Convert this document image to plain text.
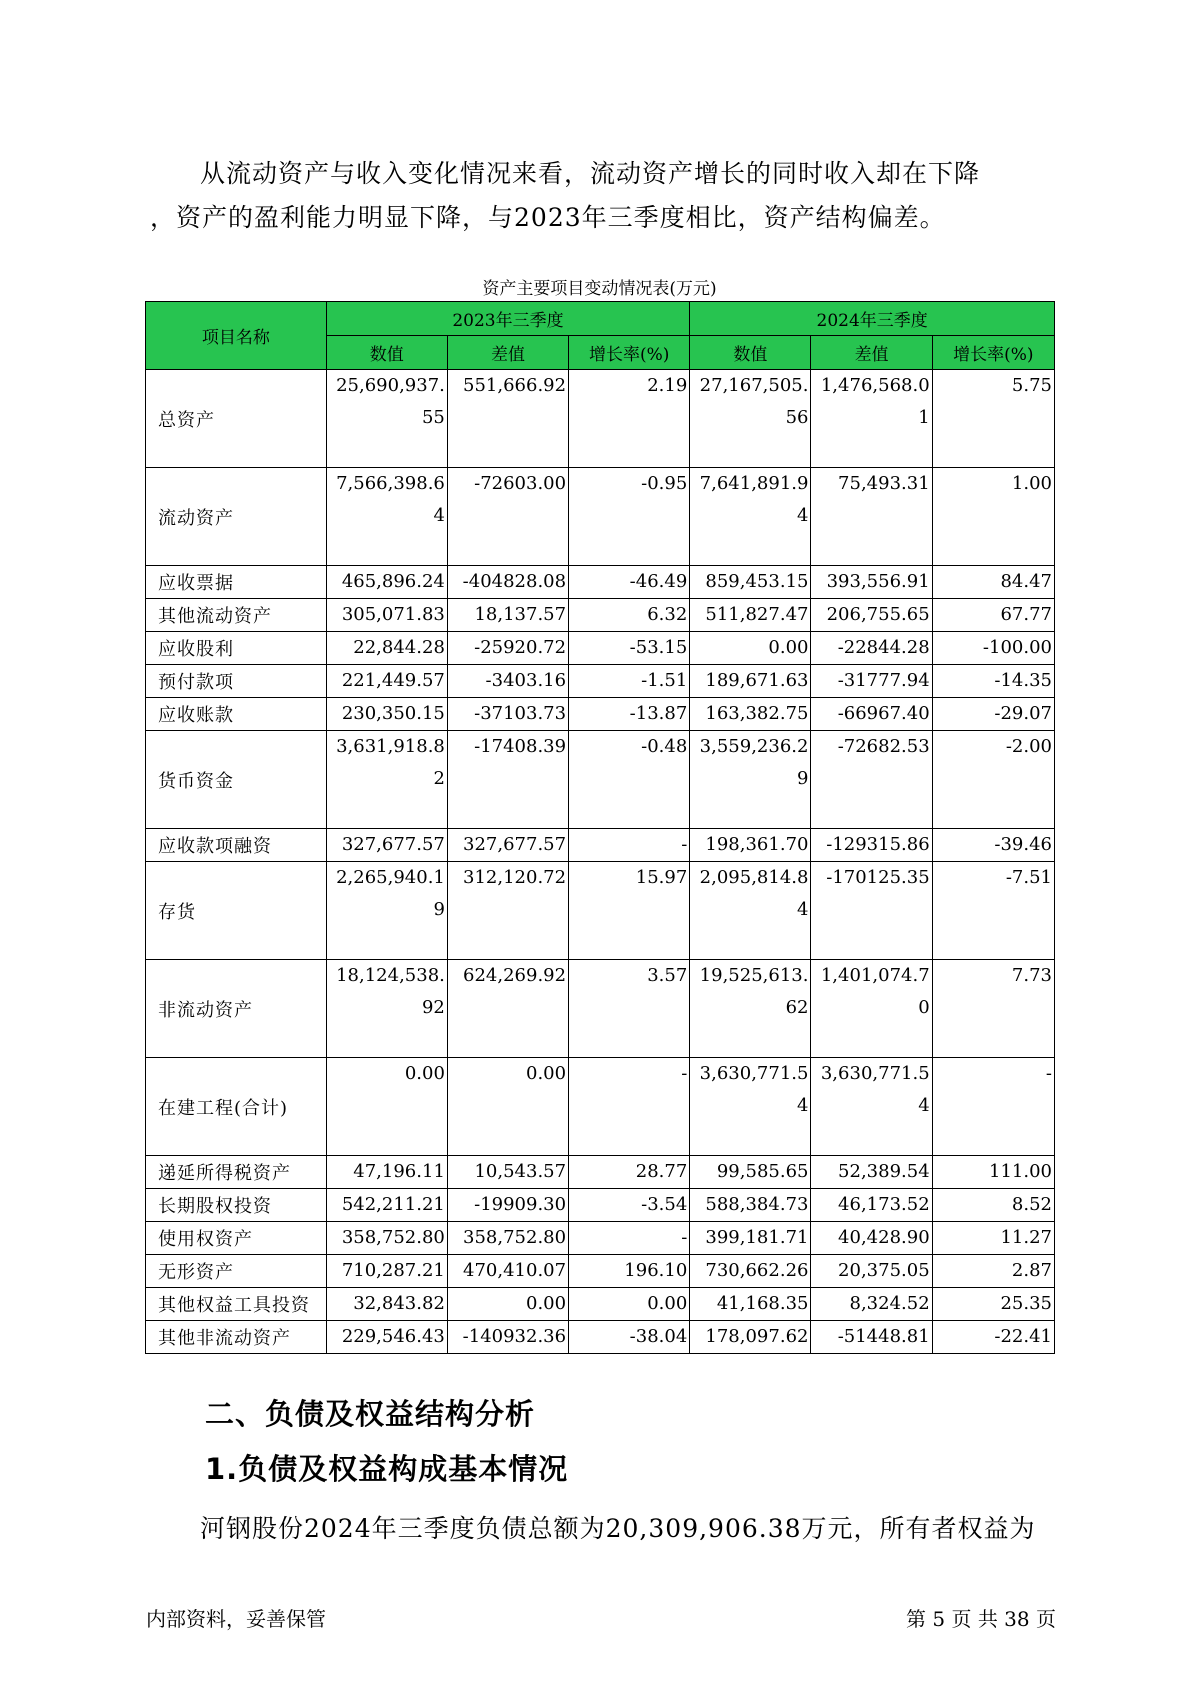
从流动资产与收入变化情况来看，流动资产增长的同时收入却在下降
，资产的盈利能力明显下降，与2023年三季度相比，资产结构偏差。

资产主要项目变动情况表(万元)
项目名称	2023年三季度			2024年三季度		
	数值	差值	增长率(%)	数值	差值	增长率(%)
总资产	25,690,937.55	551,666.92	2.19	27,167,505.56	1,476,568.01	5.75
流动资产	7,566,398.64	-72603.00	-0.95	7,641,891.94	75,493.31	1.00
应收票据	465,896.24	-404828.08	-46.49	859,453.15	393,556.91	84.47
其他流动资产	305,071.83	18,137.57	6.32	511,827.47	206,755.65	67.77
应收股利	22,844.28	-25920.72	-53.15	0.00	-22844.28	-100.00
预付款项	221,449.57	-3403.16	-1.51	189,671.63	-31777.94	-14.35
应收账款	230,350.15	-37103.73	-13.87	163,382.75	-66967.40	-29.07
货币资金	3,631,918.82	-17408.39	-0.48	3,559,236.29	-72682.53	-2.00
应收款项融资	327,677.57	327,677.57	-	198,361.70	-129315.86	-39.46
存货	2,265,940.19	312,120.72	15.97	2,095,814.84	-170125.35	-7.51
非流动资产	18,124,538.92	624,269.92	3.57	19,525,613.62	1,401,074.70	7.73
在建工程(合计)	0.00	0.00	-	3,630,771.54	3,630,771.54	-
递延所得税资产	47,196.11	10,543.57	28.77	99,585.65	52,389.54	111.00
长期股权投资	542,211.21	-19909.30	-3.54	588,384.73	46,173.52	8.52
使用权资产	358,752.80	358,752.80	-	399,181.71	40,428.90	11.27
无形资产	710,287.21	470,410.07	196.10	730,662.26	20,375.05	2.87
其他权益工具投资	32,843.82	0.00	0.00	41,168.35	8,324.52	25.35
其他非流动资产	229,546.43	-140932.36	-38.04	178,097.62	-51448.81	-22.41
二、负债及权益结构分析
1.负债及权益构成基本情况

河钢股份2024年三季度负债总额为20,309,906.38万元，所有者权益为

内部资料，妥善保管	第 5 页 共 38 页
